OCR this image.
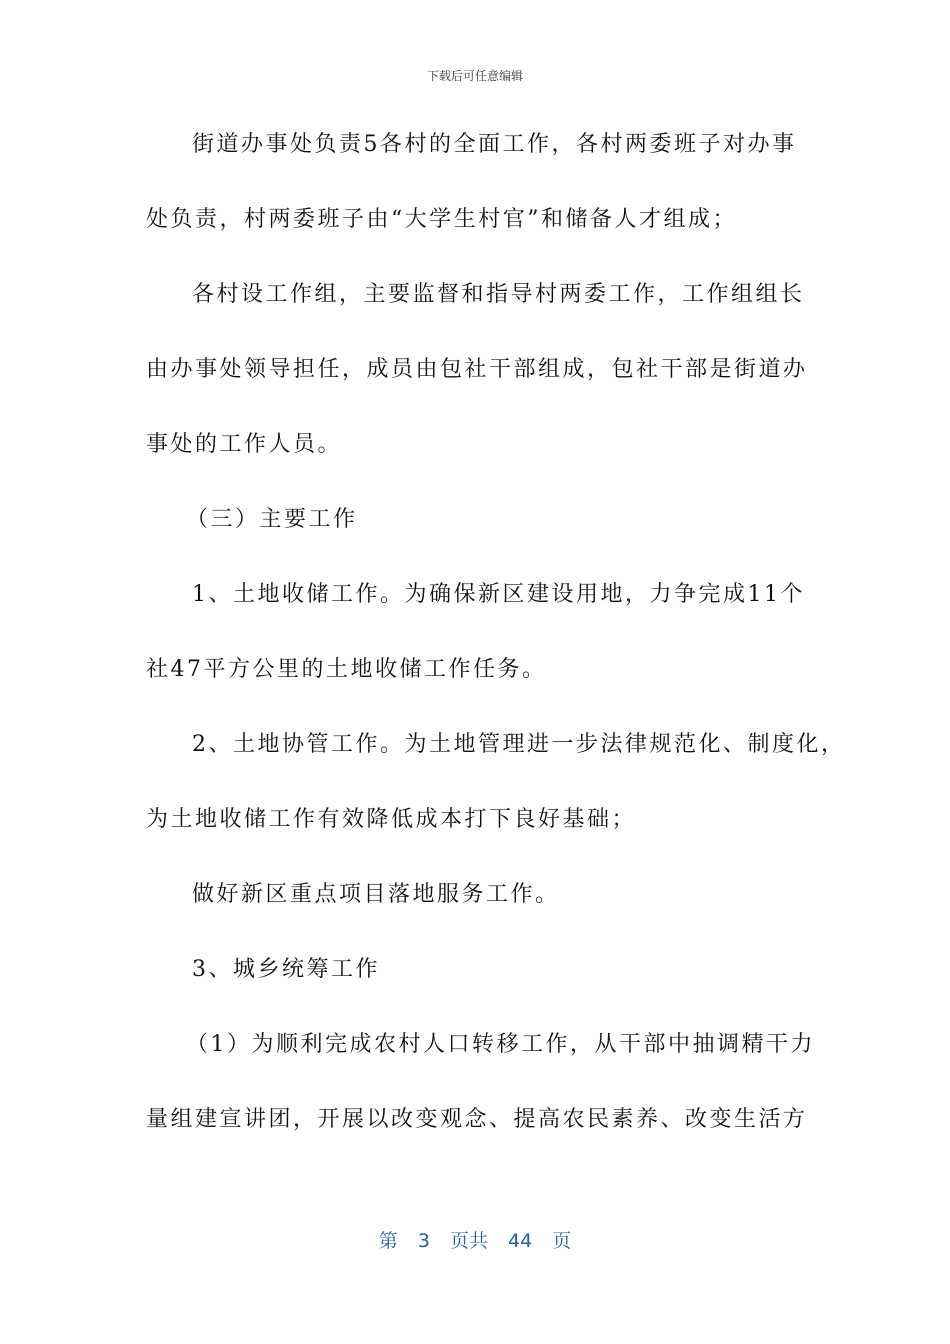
下载后可任意编辑
街道办事处负责5各村的全面工作，各村两委班子对办事
处负责，村两委班子由“大学生村官”和储备人才组成；
各村设工作组，主要监督和指导村两委工作，工作组组长
由办事处领导担任，成员由包社干部组成，包社干部是街道办
事处的工作人员。
（三）主要工作
1、土地收储工作。为确保新区建设用地，力争完成11个
社47平方公里的土地收储工作任务。
2、土地协管工作。为土地管理进一步法律规范化、制度化，
为土地收储工作有效降低成本打下良好基础；
做好新区重点项目落地服务工作。
3、城乡统筹工作
（1）为顺利完成农村人口转移工作，从干部中抽调精干力
量组建宣讲团，开展以改变观念、提高农民素养、改变生活方
第 3 页共 44 页
